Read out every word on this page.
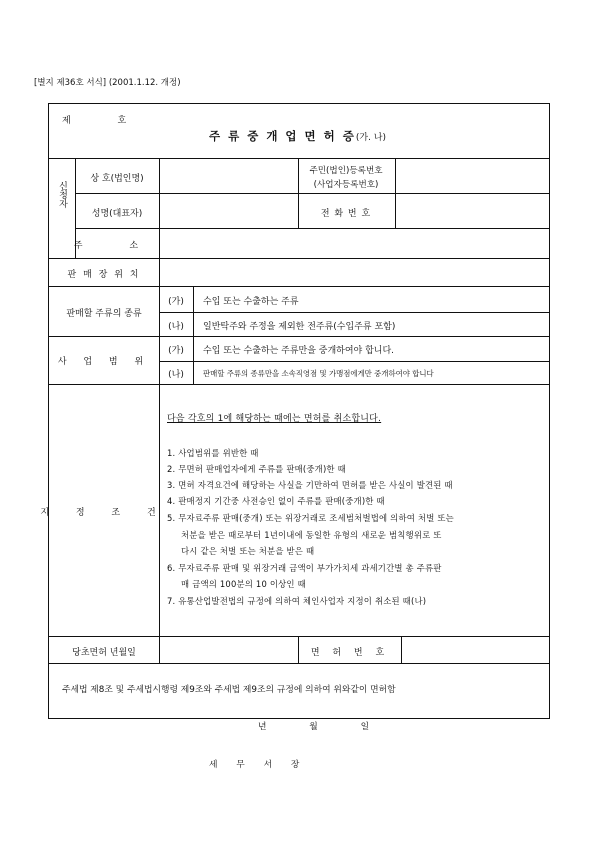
[별지 제36호 서식] (2001.1.12. 개정)
제 호
주 류 중 개 업 면 허 증(가. 나)
신청자
상 호(법인명)
주민(법인)등록번호
(사업자등록번호)
성명(대표자)	전 화 번 호
주 소
판 매 장 위 치
판매할 주류의 종류
(가) 수입 또는 수출하는 주류
(나) 일반탁주와 주정을 제외한 전주류(수입주류 포함)
사 업 범 위
(가) 수입 또는 수출하는 주류만을 중개하여야 합니다.
(나)	판매할 주류의 종류만을 소속직영점 및 가맹점에게만 중개하여야 합니다
지 정 조 건
다음 각호의 1에 해당하는 때에는 면허를 취소합니다.
1. 사업범위를 위반한 때
2. 무면허 판매업자에게 주류를 판매(중개)한 때
3. 면허 자격요건에 해당하는 사실을 기만하여 면허를 받은 사실이 발견된 때
4. 판매정지 기간중 사전승인 없이 주류를 판매(중개)한 때
5. 무자료주류 판매(중개) 또는 위장거래로 조세범처벌법에 의하여 처벌 또는
처분을 받은 때로부터 1년이내에 동일한 유형의 새로운 범칙행위로 또
다시 같은 처벌 또는 처분을 받은 때
6. 무자료주류 판매 및 위장거래 금액이 부가가치세 과세기간별 총 주류판
매 금액의 100분의 10 이상인 때
7. 유통산업발전법의 규정에 의하여 체인사업자 지정이 취소된 때(나)
당초면허 년월일	면 허 번 호
주세법 제8조 및 주세법시행령 제9조와 주세법 제9조의 규정에 의하여 위와같이 면허함
년 월 일
세 무 서 장
